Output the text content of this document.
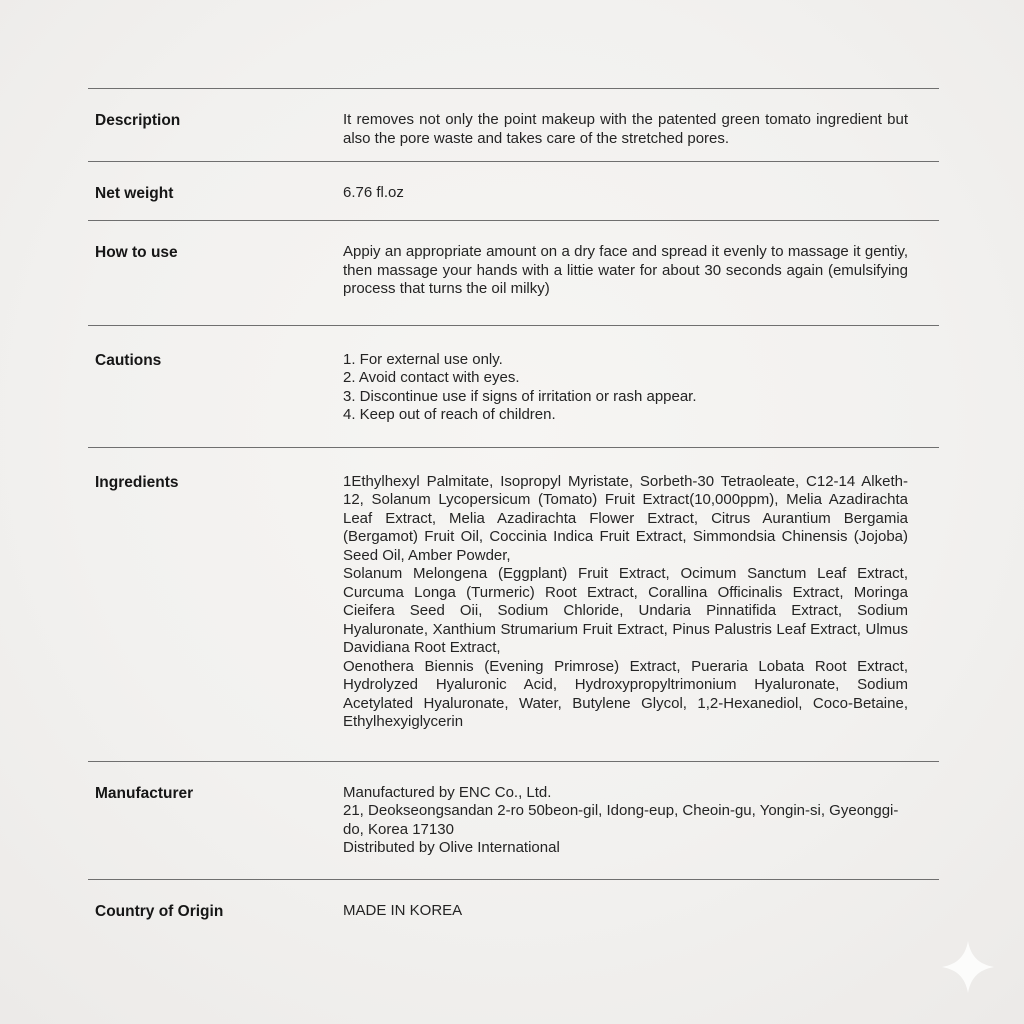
Description	It removes not only the point makeup with the patented green tomato ingredient but also the pore waste and takes care of the stretched pores.

Net weight	6.76 fl.oz

How to use	Appiy an appropriate amount on a dry face and spread it evenly to massage it gentiy, then massage your hands with a littie water for about 30 seconds again (emulsifying process that turns the oil milky)

Cautions	1. For external use only.

2. Avoid contact with eyes.

3. Discontinue use if signs of irritation or rash appear.

4. Keep out of reach of children.

Ingredients	1Ethylhexyl Palmitate, Isopropyl Myristate, Sorbeth-30 Tetraoleate, C12-14 Alketh-12, Solanum Lycopersicum (Tomato) Fruit Extract(10,000ppm), Melia Azadirachta Leaf Extract, Melia Azadirachta Flower Extract, Citrus Aurantium Bergamia (Bergamot) Fruit Oil, Coccinia Indica Fruit Extract, Simmondsia Chinensis (Jojoba) Seed Oil, Amber Powder,

Solanum Melongena (Eggplant) Fruit Extract, Ocimum Sanctum Leaf Extract, Curcuma Longa (Turmeric) Root Extract, Corallina Officinalis Extract, Moringa Cieifera Seed Oii, Sodium Chloride, Undaria Pinnatifida Extract, Sodium Hyaluronate, Xanthium Strumarium Fruit Extract, Pinus Palustris Leaf Extract, Ulmus Davidiana Root Extract,

Oenothera Biennis (Evening Primrose) Extract, Pueraria Lobata Root Extract, Hydrolyzed Hyaluronic Acid, Hydroxypropyltrimonium Hyaluronate, Sodium Acetylated Hyaluronate, Water, Butylene Glycol, 1,2-Hexanediol, Coco-Betaine, Ethylhexyiglycerin

Manufacturer	Manufactured by ENC Co., Ltd.

21, Deokseongsandan 2-ro 50beon-gil, Idong-eup, Cheoin-gu, Yongin-si, Gyeonggi-do, Korea 17130

Distributed by Olive International

Country of Origin	MADE IN KOREA
